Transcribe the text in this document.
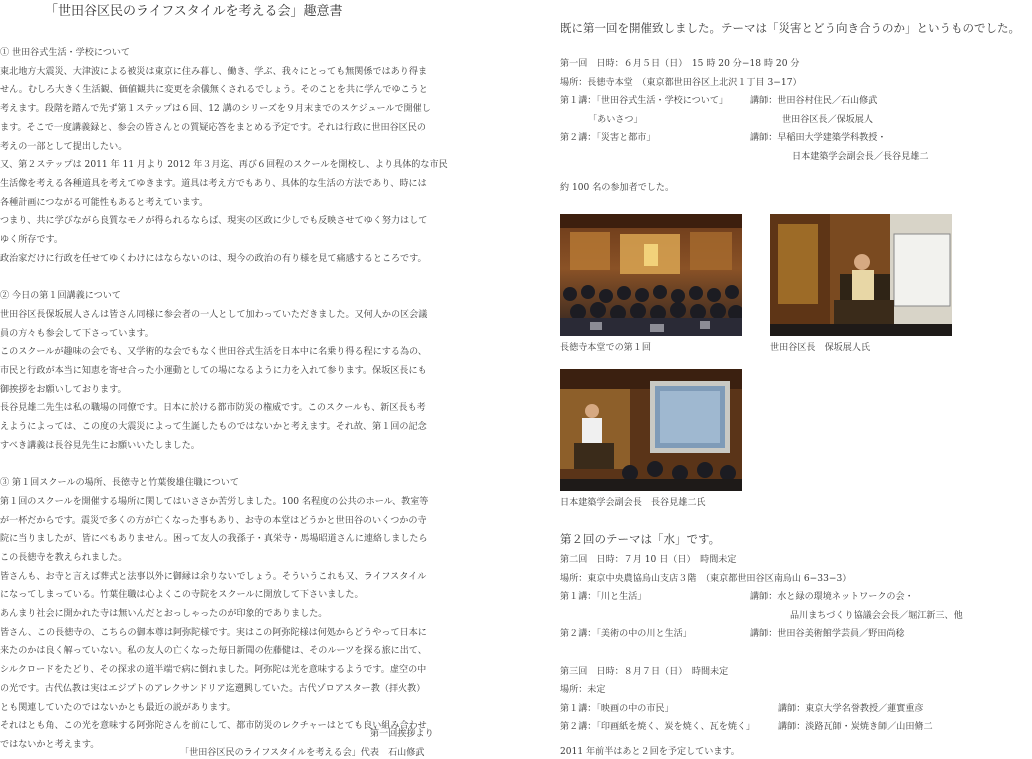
「世田谷区民のライフスタイルを考える会」趣意書

① 世田谷式生活・学校について

東北地方大震災、大津波による被災は東京に住み暮し、働き、学ぶ、我々にとっても無関係ではあり得ま

せん。むしろ大きく生活観、価値観共に変更を余儀無くされるでしょう。そのことを共に学んでゆこうと

考えます。段階を踏んで先ず第１ステップは６回、12 講のシリーズを９月末までのスケジュールで開催し

ます。そこで一度講義録と、参会の皆さんとの質疑応答をまとめる予定です。それは行政に世田谷区民の

考えの一部として提出したい。

又、第２ステップは 2011 年 11 月より 2012 年３月迄、再び６回程のスクールを開校し、より具体的な市民

生活像を考える各種道具を考えてゆきます。道具は考え方でもあり、具体的な生活の方法であり、時には

各種計画につながる可能性もあると考えています。

つまり、共に学びながら良質なモノが得られるならば、現実の区政に少しでも反映させてゆく努力はして

ゆく所存です。

政治家だけに行政を任せてゆくわけにはならないのは、現今の政治の有り様を見て痛感するところです。

② 今日の第１回講義について

世田谷区長保坂展人さんは皆さん同様に参会者の一人として加わっていただきました。又何人かの区会議

員の方々も参会して下さっています。

このスクールが趣味の会でも、又学術的な会でもなく世田谷式生活を日本中に名乗り得る程にする為の、

市民と行政が本当に知恵を寄せ合った小運動としての場になるように力を入れて参ります。保坂区長にも

御挨拶をお願いしております。

長谷見雄二先生は私の職場の同僚です。日本に於ける都市防災の権威です。このスクールも、新区長も考

えようによっては、この度の大震災によって生誕したものではないかと考えます。それ故、第１回の記念

すべき講義は長谷見先生にお願いいたしました。

③ 第１回スクールの場所、長徳寺と竹葉俊雄住職について

第１回のスクールを開催する場所に関してはいささか苦労しました。100 名程度の公共のホール、教室等

が一杯だからです。震災で多くの方が亡くなった事もあり、お寺の本堂はどうかと世田谷のいくつかの寺

院に当りましたが、皆にべもありません。困って友人の我孫子・真栄寺・馬場昭道さんに連絡しましたら

この長徳寺を教えられました。

皆さんも、お寺と言えば葬式と法事以外に御縁は余りないでしょう。そういうこれも又、ライフスタイル

になってしまっている。竹葉住職は心よくこの寺院をスクールに開放して下さいました。

あんまり社会に開かれた寺は無いんだとおっしゃったのが印象的でありました。

皆さん、この長徳寺の、こちらの御本尊は阿弥陀様です。実はこの阿弥陀様は何処からどうやって日本に

来たのかは良く解っていない。私の友人の亡くなった毎日新聞の佐藤健は、そのルーツを探る旅に出て、

シルクロードをたどり、その探求の道半端で病に倒れました。阿弥陀は光を意味するようです。虚空の中

の光です。古代仏教は実はエジプトのアレクサンドリア迄遡興していた。古代ゾロアスター教（拝火教）

とも関連していたのではないかとも最近の説があります。

それはとも角、この光を意味する阿弥陀さんを前にして、都市防災のレクチャーはとても良い組み合わせ

ではないかと考えます。

第一回挨拶より
「世田谷区民のライフスタイルを考える会」代表　石山修武
既に第一回を開催致しました。テーマは「災害とどう向き合うのか」というものでした。
第一回　日時：６月５日（日）　15 時 20 分−18 時 20 分
場所：長徳寺本堂　（東京都世田谷区上北沢１丁目 3−17）
第１講：「世田谷式生活・学校について」 講師：世田谷村住民／石山修武
「あいさつ」	世田谷区長／保坂展人
第２講：「災害と都市」	講師：早稲田大学建築学科教授・
日本建築学会副会長／長谷見雄二
約 100 名の参加者でした。
長徳寺本堂での第１回	世田谷区長　保坂展人氏
日本建築学会副会長　長谷見雄二氏
第２回のテーマは「水」です。
第二回　日時：７月 10 日（日）　時間未定
場所：東京中央農協烏山支店３階　（東京都世田谷区南烏山 6−33−3）
第１講：「川と生活」	講師：水と緑の環境ネットワークの会・
品川まちづくり協議会会長／堀江新三、他
第２講：「美術の中の川と生活」	講師：世田谷美術館学芸員／野田尚稔
第三回　日時：８月７日（日）　時間未定
場所：未定
第１講：「映画の中の市民」	講師：東京大学名誉教授／蓮實重彦
第２講：「印画紙を焼く、炭を焼く、瓦を焼く」	講師：淡路瓦師・炭焼き師／山田脩二
2011 年前半はあと２回を予定しています。
